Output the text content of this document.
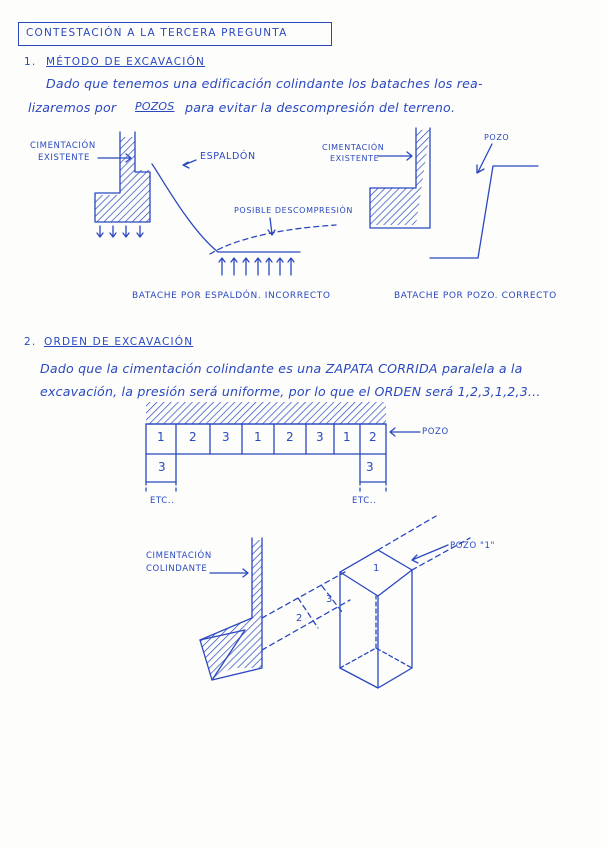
CONTESTACIÓN A LA TERCERA PREGUNTA
1. MÉTODO DE EXCAVACIÓN
Dado que tenemos una edificación colindante los bataches los rea-
lizaremos por POZOS para evitar la descompresión del terreno.
CIMENTACIÓN
EXISTENTE	ESPALDÓN
POSIBLE DESCOMPRESIÓN
BATACHE POR ESPALDÓN. INCORRECTO
CIMENTACIÓN
EXISTENTE
POZO
BATACHE POR POZO. CORRECTO
2. ORDEN DE EXCAVACIÓN
Dado que la cimentación colindante es una ZAPATA CORRIDA paralela a la
excavación, la presión será uniforme, por lo que el ORDEN será 1,2,3,1,2,3...
1 2 3 1 2 3 1 2
3	3
ETC..	ETC..
POZO
CIMENTACIÓN
COLINDANTE
POZO "1"
1
2
3
